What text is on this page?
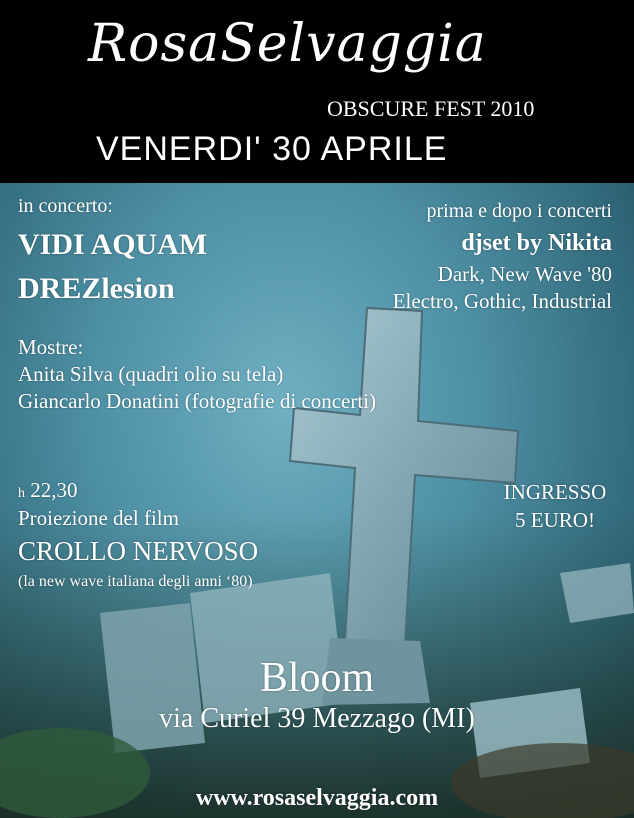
RosaSelvaggia
OBSCURE FEST 2010
VENERDI' 30 APRILE
in concerto:
VIDI AQUAM
DREZlesion
prima e dopo i concerti
djset by Nikita
Dark, New Wave '80
Electro, Gothic, Industrial
Mostre:
Anita Silva (quadri olio su tela)
Giancarlo Donatini (fotografie di concerti)
h 22,30
Proiezione del film
CROLLO NERVOSO
(la new wave italiana degli anni ‘80)
INGRESSO
5 EURO!
Bloom
via Curiel 39 Mezzago (MI)
www.rosaselvaggia.com
